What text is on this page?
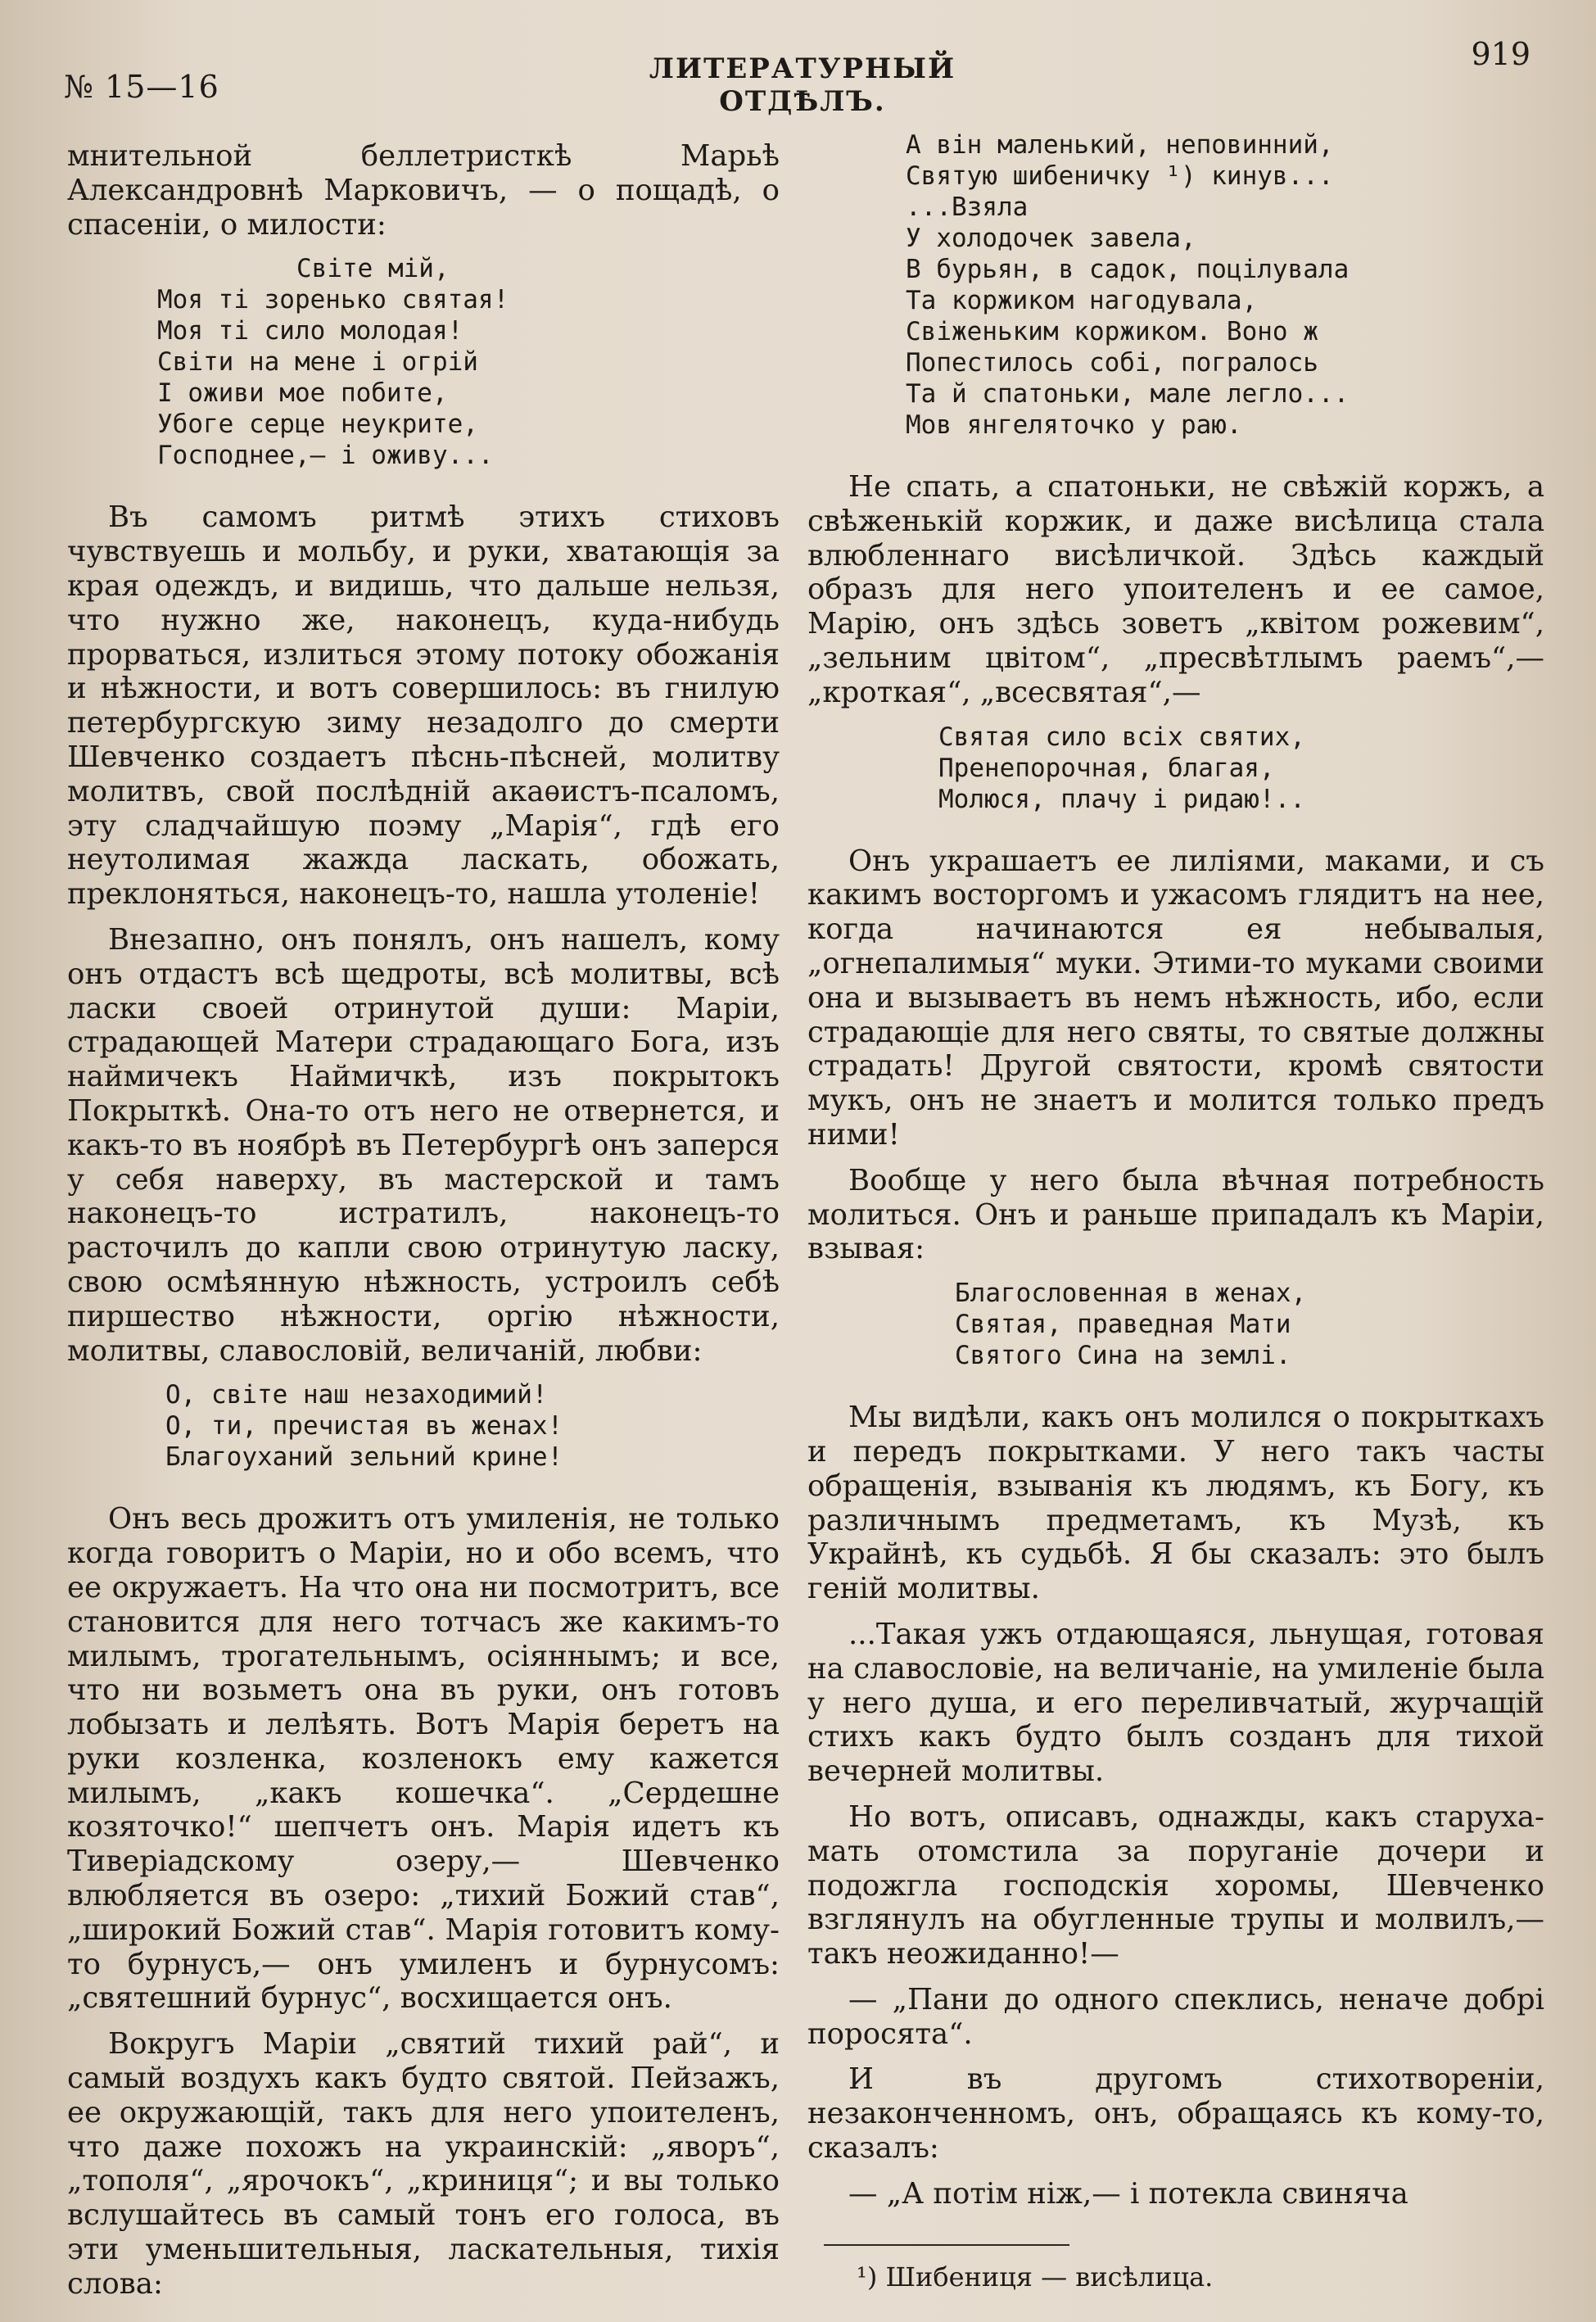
№ 15—16	ЛИТЕРАТУРНЫЙ ОТДѢЛЪ.
919

мнительной беллетристкѣ Марьѣ Александровнѣ Марковичъ, — о пощадѣ, о спасеніи, о милости:

Світе мій,
Моя ті зоренько святая!
Моя ті сило молодая!
Світи на мене і огрій
І оживи мое побите,
Убоге серце неукрите,
Господнее,— і оживу...

Въ самомъ ритмѣ этихъ стиховъ чувствуешь и мольбу, и руки, хватающія за края одеждъ, и видишь, что дальше нельзя, что нужно же, наконецъ, куда-нибудь прорваться, излиться этому потоку обожанія и нѣжности, и вотъ совершилось: въ гнилую петербургскую зиму незадолго до смерти Шевченко создаетъ пѣснь-пѣсней, молитву молитвъ, свой послѣдній акаѳистъ-псаломъ, эту сладчайшую поэму „Марія“, гдѣ его неутолимая жажда ласкать, обожать, преклоняться, наконецъ-то, нашла утоленіе!

Внезапно, онъ понялъ, онъ нашелъ, кому онъ отдастъ всѣ щедроты, всѣ молитвы, всѣ ласки своей отринутой души: Маріи, страдающей Матери страдающаго Бога, изъ наймичекъ Наймичкѣ, изъ покрытокъ Покрыткѣ. Она-то отъ него не отвернется, и какъ-то въ ноябрѣ въ Петербургѣ онъ заперся у себя наверху, въ мастерской и тамъ наконецъ-то истратилъ, наконецъ-то расточилъ до капли свою отринутую ласку, свою осмѣянную нѣжность, устроилъ себѣ пиршество нѣжности, оргію нѣжности, молитвы, славословій, величаній, любви:

О, світе наш незаходимий!
О, ти, пречистая въ женах!
Благоуханий зельний крине!

Онъ весь дрожитъ отъ умиленія, не только когда говоритъ о Маріи, но и обо всемъ, что ее окружаетъ. На что она ни посмотритъ, все становится для него тотчасъ же какимъ-то милымъ, трогательнымъ, осіяннымъ; и все, что ни возьметъ она въ руки, онъ готовъ лобызать и лелѣять. Вотъ Марія беретъ на руки козленка, козленокъ ему кажется милымъ, „какъ кошечка“. „Сердешне козяточко!“ шепчетъ онъ. Марія идетъ къ Тиверіадскому озеру,— Шевченко влюбляется въ озеро: „тихий Божий став“, „широкий Божий став“. Марія готовитъ кому-то бурнусъ,— онъ умиленъ и бурнусомъ: „святешний бурнус“, восхищается онъ.

Вокругъ Маріи „святий тихий рай“, и самый воздухъ какъ будто святой. Пейзажъ, ее окружающій, такъ для него упоителенъ, что даже похожъ на украинскій: „яворъ“, „тополя“, „ярочокъ“, „криниця“; и вы только вслушайтесь въ самый тонъ его голоса, въ эти уменьшительныя, ласкательныя, тихія слова:

А він маленький, неповинний,
Святую шибеничку ¹) кинув...
...Взяла
У холодочек завела,
В бурьян, в садок, поцілувала
Та коржиком нагодувала,
Свіженьким коржиком. Воно ж
Попестилось собі, погралось
Та й спатоньки, мале легло...
Мов янгеляточко у раю.

Не спать, а спатоньки, не свѣжій коржъ, а свѣженькій коржик, и даже висѣлица стала влюбленнаго висѣличкой. Здѣсь каждый образъ для него упоителенъ и ее самое, Марію, онъ здѣсь зоветъ „квітом рожевим“, „зельним цвітом“, „пресвѣтлымъ раемъ“,—„кроткая“, „всесвятая“,—

Святая сило всіх святих,
Пренепорочная, благая,
Молюся, плачу і ридаю!..

Онъ украшаетъ ее лиліями, маками, и съ какимъ восторгомъ и ужасомъ глядитъ на нее, когда начинаются ея небывалыя, „огнепалимыя“ муки. Этими-то муками своими она и вызываетъ въ немъ нѣжность, ибо, если страдающіе для него святы, то святые должны страдать! Другой святости, кромѣ святости мукъ, онъ не знаетъ и молится только предъ ними!

Вообще у него была вѣчная потребность молиться. Онъ и раньше припадалъ къ Маріи, взывая:

Благословенная в женах,
Святая, праведная Мати
Святого Сина на землі.

Мы видѣли, какъ онъ молился о покрыткахъ и передъ покрытками. У него такъ часты обращенія, взыванія къ людямъ, къ Богу, къ различнымъ предметамъ, къ Музѣ, къ Украйнѣ, къ судьбѣ. Я бы сказалъ: это былъ геній молитвы.

...Такая ужъ отдающаяся, льнущая, готовая на славословіе, на величаніе, на умиленіе была у него душа, и его переливчатый, журчащій стихъ какъ будто былъ созданъ для тихой вечерней молитвы.

Но вотъ, описавъ, однажды, какъ старуха-мать отомстила за поруганіе дочери и подожгла господскія хоромы, Шевченко взглянулъ на обугленные трупы и молвилъ,— такъ неожиданно!—

— „Пани до одного спеклись, неначе добрі поросята“.

И въ другомъ стихотвореніи, незаконченномъ, онъ, обращаясь къ кому-то, сказалъ:

— „А потім ніж,— і потекла свиняча

¹) Шибениця — висѣлица.
